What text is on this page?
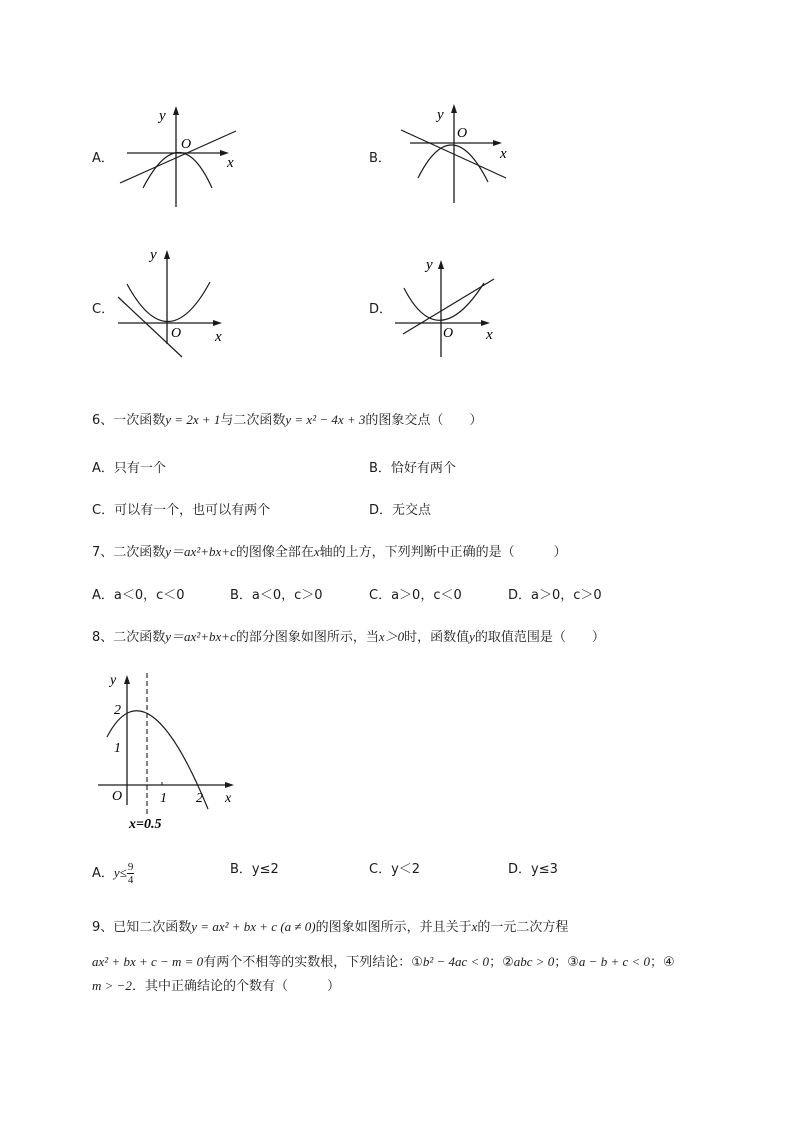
A．
y
x
O
B．
y
x
O
C．
y
x
O
D．
y
x
O
6、一次函数y = 2x + 1与二次函数y = x² − 4x + 3的图象交点（　　）
A．只有一个	B．恰好有两个
C．可以有一个，也可以有两个	D．无交点
7、二次函数y＝ax²+bx+c的图像全部在x轴的上方，下列判断中正确的是（　　　）
A．a＜0，c＜0	B．a＜0，c＞0	C．a＞0，c＜0	D．a＞0，c＞0
8、二次函数y＝ax²+bx+c的部分图象如图所示，当x＞0时，函数值y的取值范围是（　　）
y
x
O
2
1
1 2
x=0.5
A．$y\le \frac{9}{4}$	B．y≤2	C．y＜2	D．y≤3
9、已知二次函数y = ax² + bx + c (a ≠ 0)的图象如图所示，并且关于x的一元二次方程
ax² + bx + c − m = 0有两个不相等的实数根，下列结论：①b² − 4ac < 0；②abc > 0；③a − b + c < 0；④
m > −2．其中正确结论的个数有（　　　）
